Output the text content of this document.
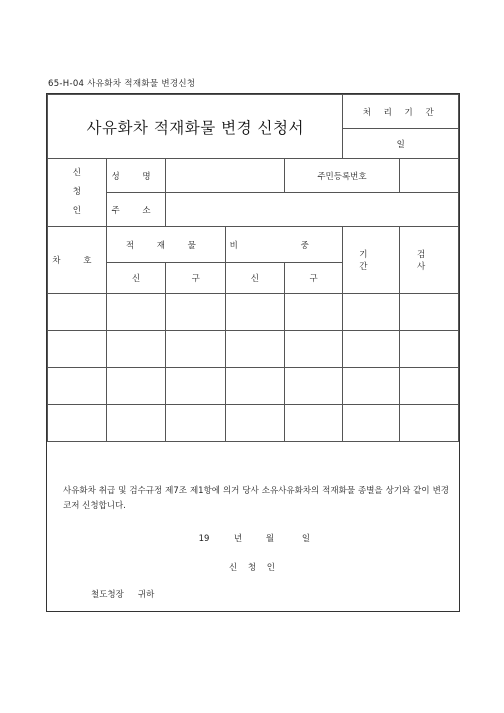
65-H-04 사유화차 적재화물 변경신청
사유화차 적재화물 변경 신청서					처 리 기 간	
					일	
신
청
인	성 명			주민등록번호		
	주 소					
차 호	적 재 물		비 중		기 간	검 사
	신	구	신	구		

사유화차 취급 및 검수규정 제7조 제1항에 의거 당사 소유사유화차의 적재화물 종별을 상기와 같이 변경코저 신청합니다.
19	년	월	일
신 청 인
철도청장 귀하
